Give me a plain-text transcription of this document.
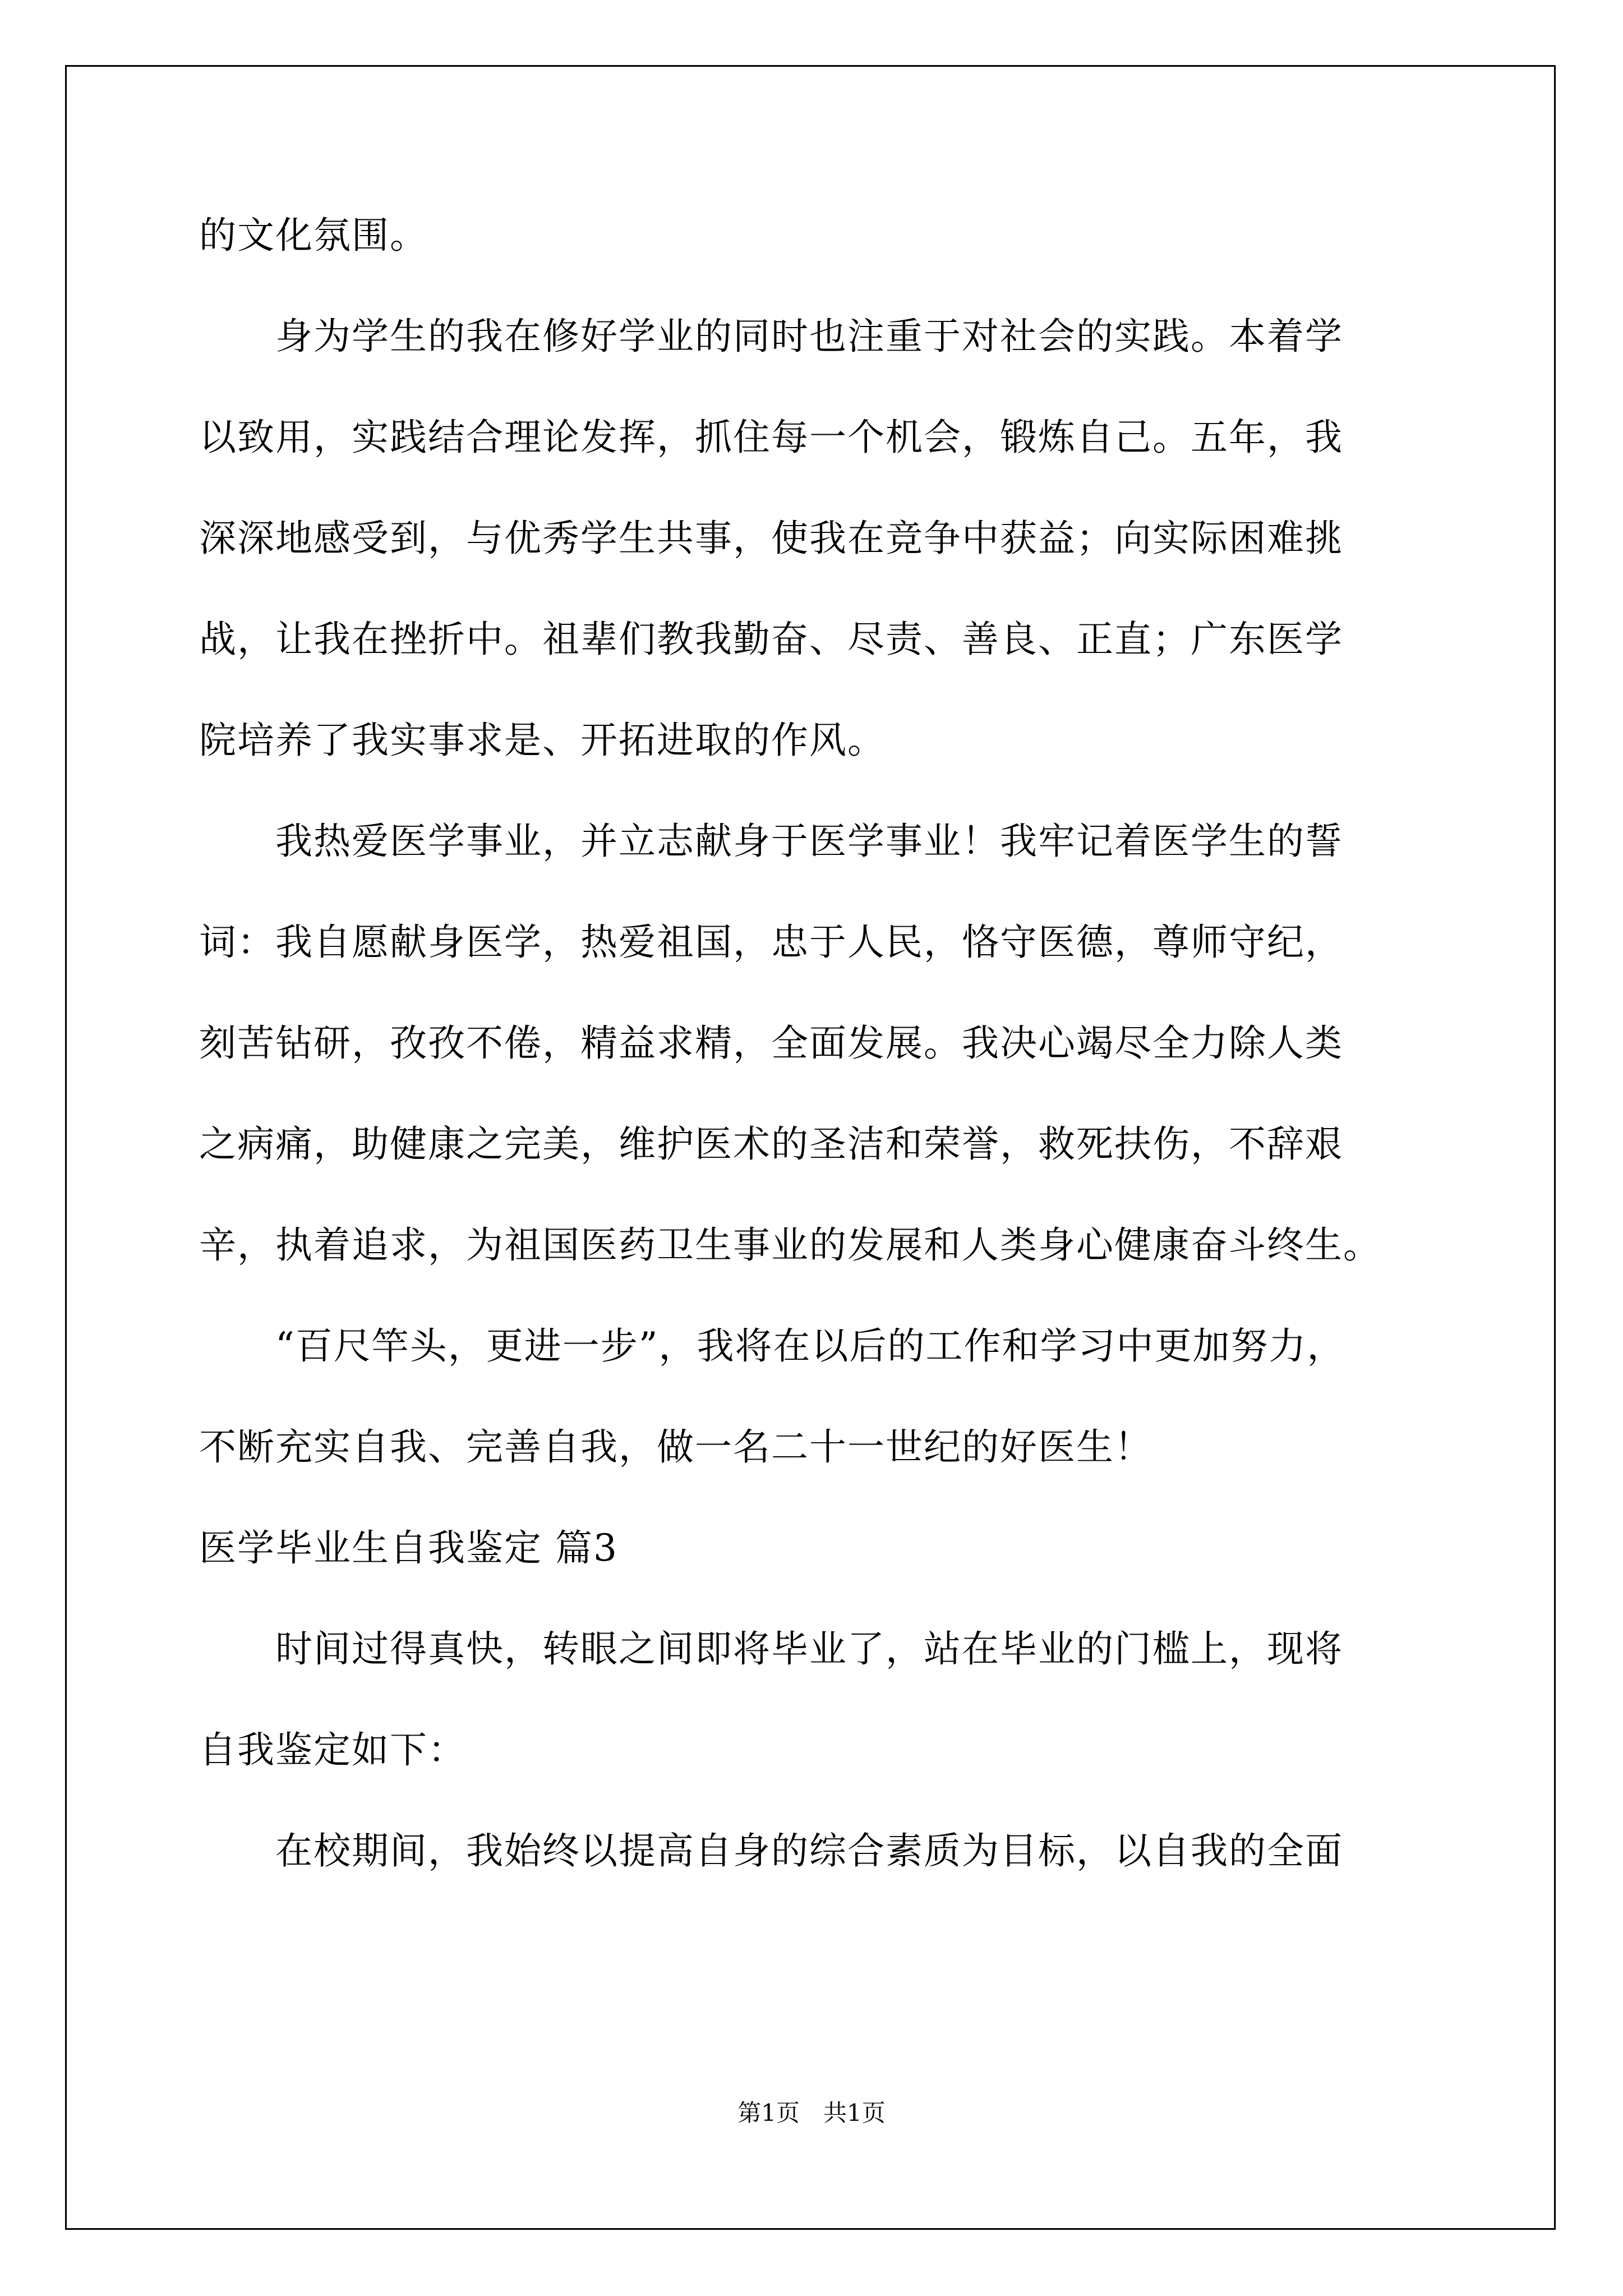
的文化氛围。
　　身为学生的我在修好学业的同时也注重于对社会的实践。本着学
以致用，实践结合理论发挥，抓住每一个机会，锻炼自己。五年，我
深深地感受到，与优秀学生共事，使我在竞争中获益；向实际困难挑
战，让我在挫折中。祖辈们教我勤奋、尽责、善良、正直；广东医学
院培养了我实事求是、开拓进取的作风。
　　我热爱医学事业，并立志献身于医学事业！我牢记着医学生的誓
词：我自愿献身医学，热爱祖国，忠于人民，恪守医德，尊师守纪，
刻苦钻研，孜孜不倦，精益求精，全面发展。我决心竭尽全力除人类
之病痛，助健康之完美，维护医术的圣洁和荣誉，救死扶伤，不辞艰
辛，执着追求，为祖国医药卫生事业的发展和人类身心健康奋斗终生。
　　“百尺竿头，更进一步”，我将在以后的工作和学习中更加努力，
不断充实自我、完善自我，做一名二十一世纪的好医生！
医学毕业生自我鉴定 篇3
　　时间过得真快，转眼之间即将毕业了，站在毕业的门槛上，现将
自我鉴定如下：
　　在校期间，我始终以提高自身的综合素质为目标，以自我的全面
第1页　共1页
